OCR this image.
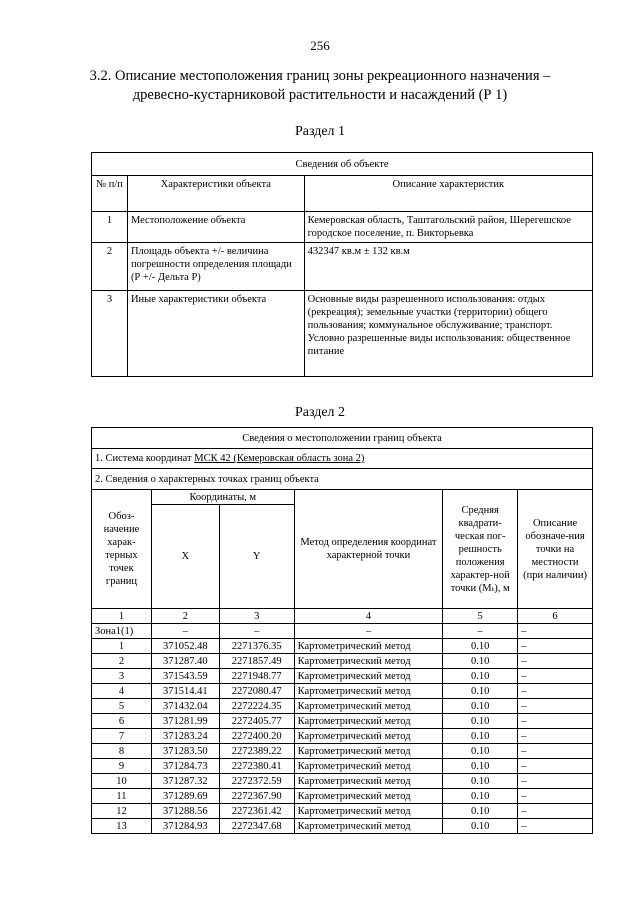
256
3.2. Описание местоположения границ зоны рекреационного назначения – древесно-кустарниковой растительности и насаждений (Р 1)
Раздел 1
Сведения об объекте		
№ п/п	Характеристики объекта	Описание характеристик
1	Местоположение объекта	Кемеровская область, Таштагольский район, Шерегешское городское поселение, п. Викторьевка
2	Площадь объекта +/- величина погрешности определения площади (Р +/- Дельта Р)	432347 кв.м ± 132 кв.м
3	Иные характеристики объекта	Основные виды разрешенного использования: отдых (рекреация); земельные участки (территории) общего пользования; коммунальное обслуживание; транспорт.
Условно разрешенные виды использования: общественное питание
Раздел 2
Сведения о местоположении границ объекта					
1. Система координат МСК 42 (Кемеровская область зона 2)					
2. Сведения о характерных точках границ объекта					
Обоз-начение харак-терных точек границ	Координаты, м		Метод определения координат характерной точки	Средняя квадрати-ческая пог-решность положения характер-ной точки (Mₜ), м	Описание обозначе-ния точки на местности (при наличии)
	X	Y			
1	2	3	4	5	6
Зона1(1)	–	–	–	–	–
1	371052.48	2271376.35	Картометрический метод	0.10	–
2	371287.40	2271857.49	Картометрический метод	0.10	–
3	371543.59	2271948.77	Картометрический метод	0.10	–
4	371514.41	2272080.47	Картометрический метод	0.10	–
5	371432.04	2272224.35	Картометрический метод	0.10	–
6	371281.99	2272405.77	Картометрический метод	0.10	–
7	371283.24	2272400.20	Картометрический метод	0.10	–
8	371283.50	2272389.22	Картометрический метод	0.10	–
9	371284.73	2272380.41	Картометрический метод	0.10	–
10	371287.32	2272372.59	Картометрический метод	0.10	–
11	371289.69	2272367.90	Картометрический метод	0.10	–
12	371288.56	2272361.42	Картометрический метод	0.10	–
13	371284.93	2272347.68	Картометрический метод	0.10	–
